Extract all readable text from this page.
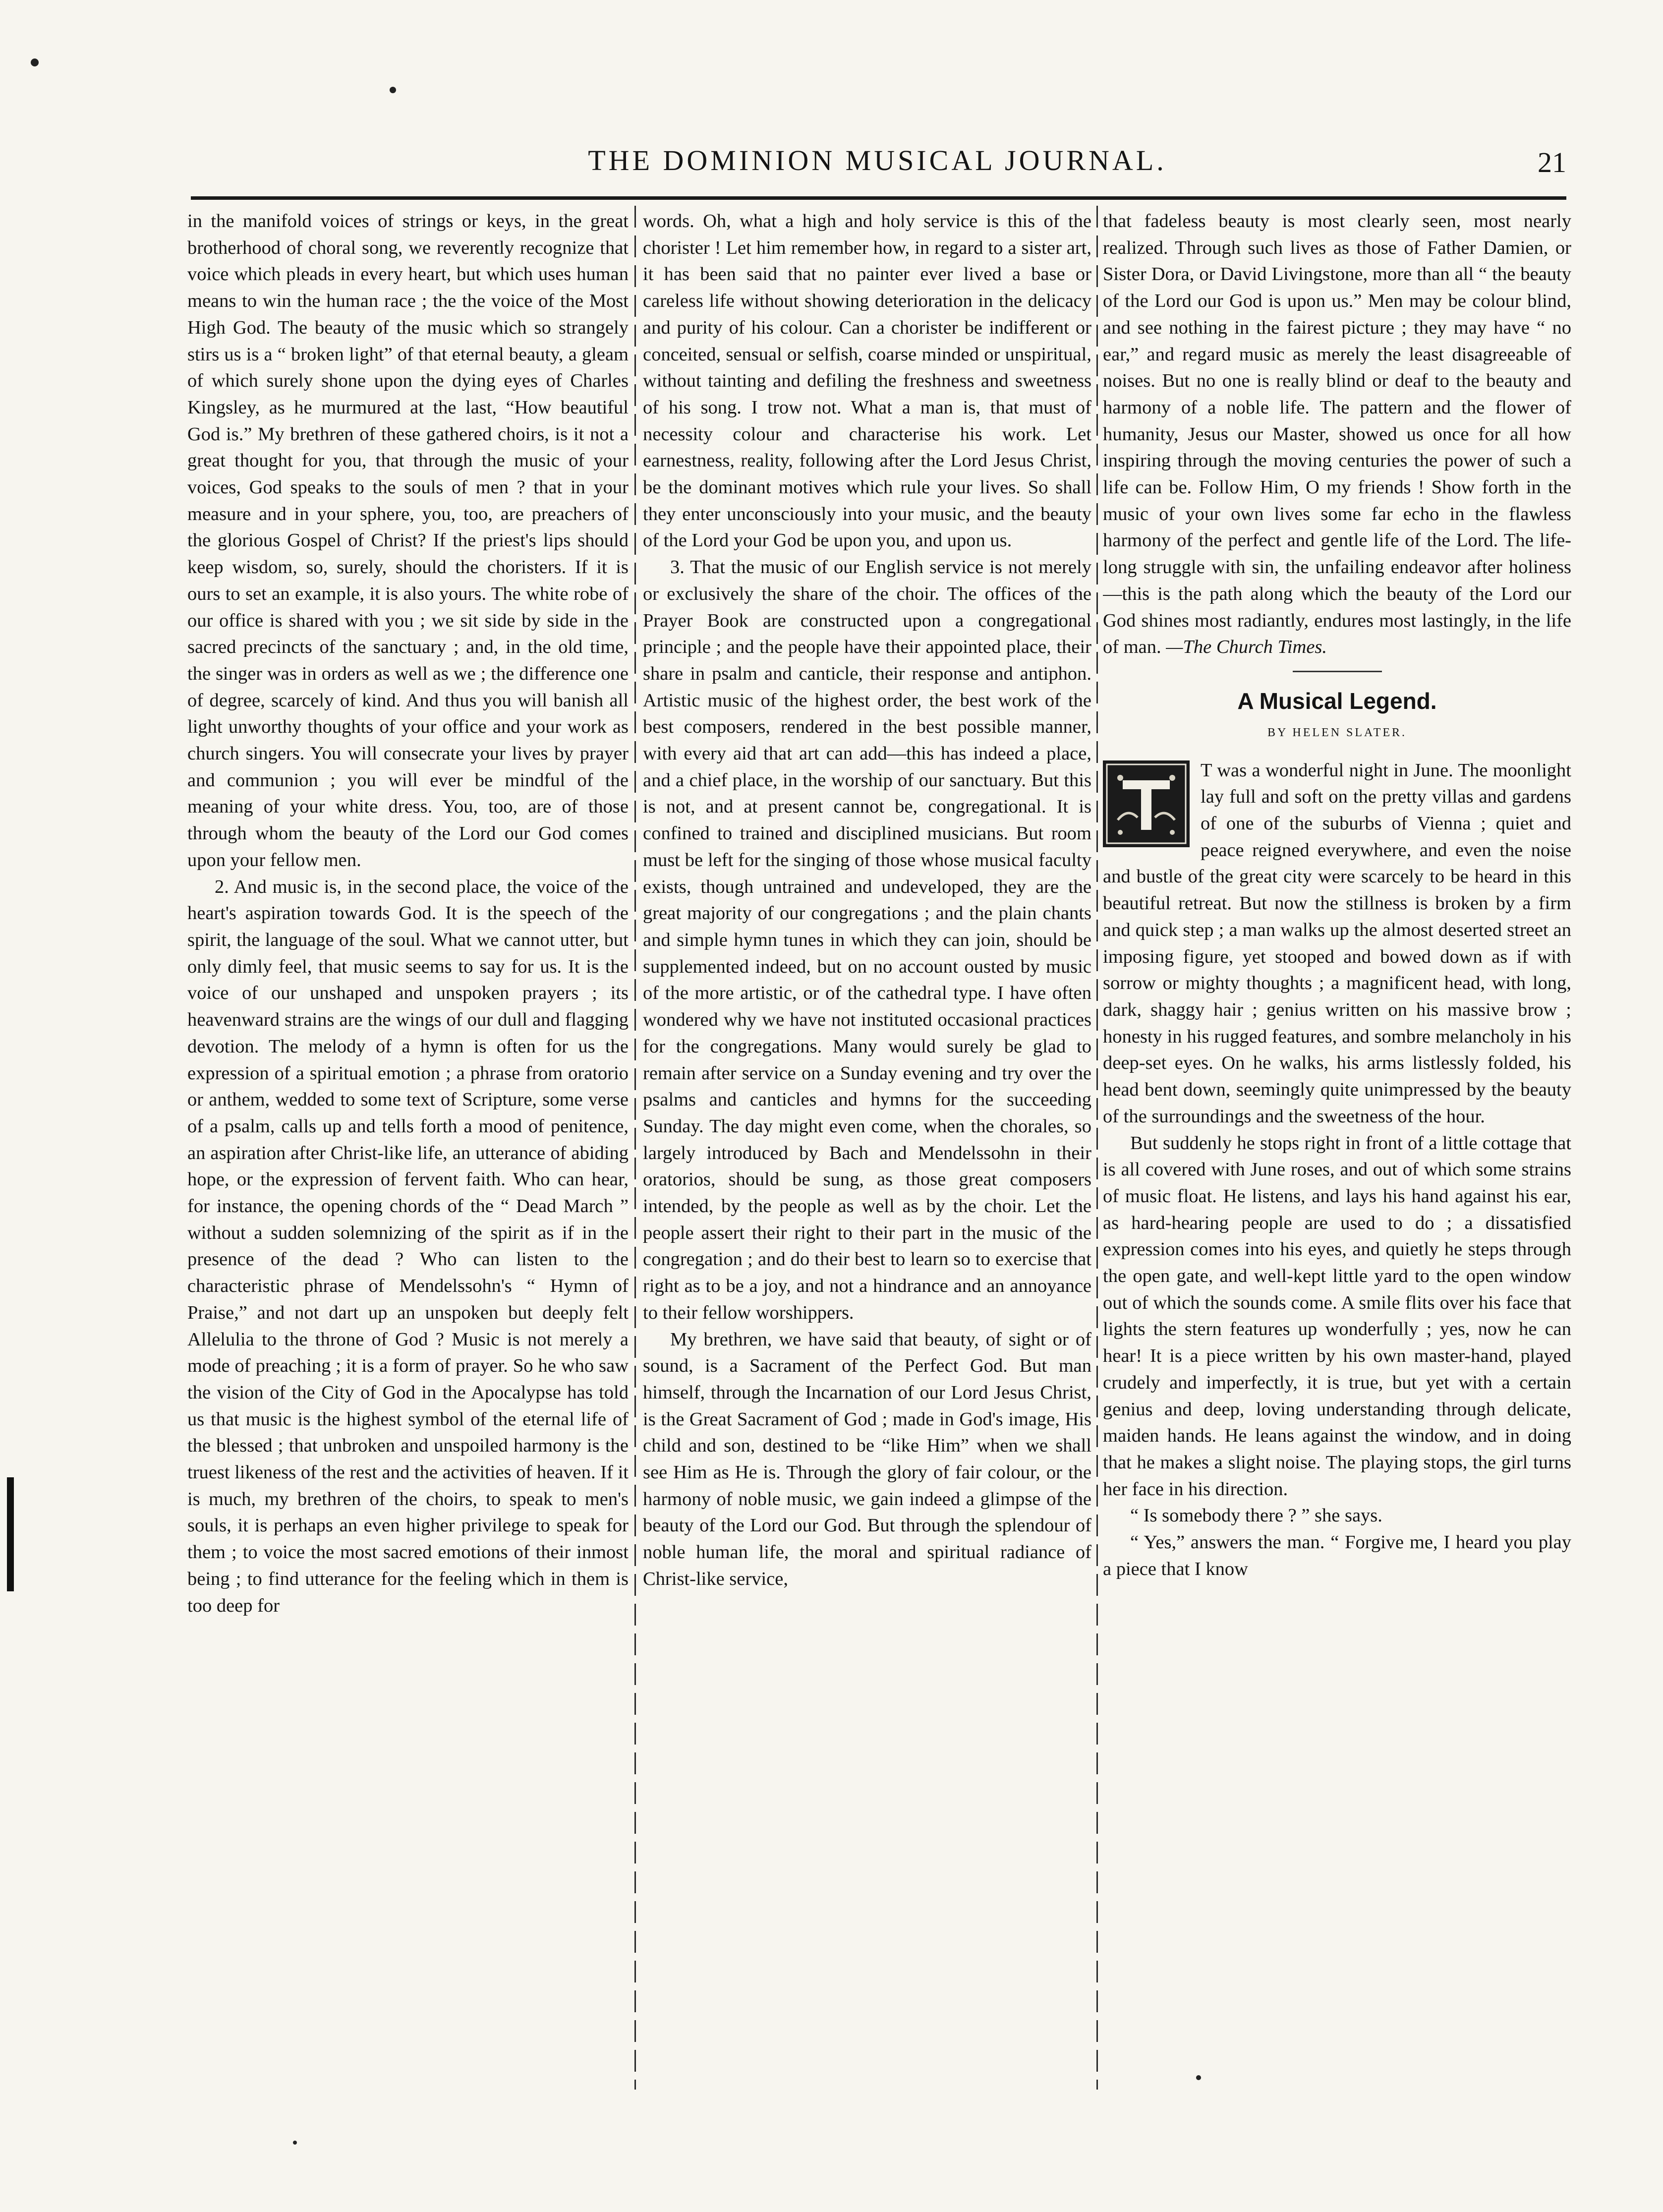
THE DOMINION MUSICAL JOURNAL.	21

in the manifold voices of strings or keys, in the great brotherhood of choral song, we reverently recognize that voice which pleads in every heart, but which uses human means to win the human race ; the the voice of the Most High God. The beauty of the music which so strangely stirs us is a “ broken light” of that eternal beauty, a gleam of which surely shone upon the dying eyes of Charles Kingsley, as he murmured at the last, “How beautiful God is.” My brethren of these gathered choirs, is it not a great thought for you, that through the music of your voices, God speaks to the souls of men ? that in your measure and in your sphere, you, too, are preachers of the glorious Gospel of Christ? If the priest's lips should keep wisdom, so, surely, should the choristers. If it is ours to set an example, it is also yours. The white robe of our office is shared with you ; we sit side by side in the sacred precincts of the sanctuary ; and, in the old time, the singer was in orders as well as we ; the difference one of degree, scarcely of kind. And thus you will banish all light unworthy thoughts of your office and your work as church singers. You will consecrate your lives by prayer and communion ; you will ever be mindful of the meaning of your white dress. You, too, are of those through whom the beauty of the Lord our God comes upon your fellow men.

2. And music is, in the second place, the voice of the heart's aspiration towards God. It is the speech of the spirit, the language of the soul. What we cannot utter, but only dimly feel, that music seems to say for us. It is the voice of our unshaped and unspoken prayers ; its heavenward strains are the wings of our dull and flagging devotion. The melody of a hymn is often for us the expression of a spiritual emotion ; a phrase from oratorio or anthem, wedded to some text of Scripture, some verse of a psalm, calls up and tells forth a mood of penitence, an aspiration after Christ-like life, an utterance of abiding hope, or the expression of fervent faith. Who can hear, for instance, the opening chords of the “ Dead March ” without a sudden solemnizing of the spirit as if in the presence of the dead ? Who can listen to the characteristic phrase of Mendelssohn's “ Hymn of Praise,” and not dart up an unspoken but deeply felt Allelulia to the throne of God ? Music is not merely a mode of preaching ; it is a form of prayer. So he who saw the vision of the City of God in the Apocalypse has told us that music is the highest symbol of the eternal life of the blessed ; that unbroken and unspoiled harmony is the truest likeness of the rest and the activities of heaven. If it is much, my brethren of the choirs, to speak to men's souls, it is perhaps an even higher privilege to speak for them ; to voice the most sacred emotions of their inmost being ; to find utterance for the feeling which in them is too deep for

words. Oh, what a high and holy service is this of the chorister ! Let him remember how, in regard to a sister art, it has been said that no painter ever lived a base or careless life without showing deterioration in the delicacy and purity of his colour. Can a chorister be indifferent or conceited, sensual or selfish, coarse minded or unspiritual, without tainting and defiling the freshness and sweetness of his song. I trow not. What a man is, that must of necessity colour and characterise his work. Let earnestness, reality, following after the Lord Jesus Christ, be the dominant motives which rule your lives. So shall they enter unconsciously into your music, and the beauty of the Lord your God be upon you, and upon us.

3. That the music of our English service is not merely or exclusively the share of the choir. The offices of the Prayer Book are constructed upon a congregational principle ; and the people have their appointed place, their share in psalm and canticle, their response and antiphon. Artistic music of the highest order, the best work of the best composers, rendered in the best possible manner, with every aid that art can add—this has indeed a place, and a chief place, in the worship of our sanctuary. But this is not, and at present cannot be, congregational. It is confined to trained and disciplined musicians. But room must be left for the singing of those whose musical faculty exists, though untrained and undeveloped, they are the great majority of our congregations ; and the plain chants and simple hymn tunes in which they can join, should be supplemented indeed, but on no account ousted by music of the more artistic, or of the cathedral type. I have often wondered why we have not instituted occasional practices for the congregations. Many would surely be glad to remain after service on a Sunday evening and try over the psalms and canticles and hymns for the succeeding Sunday. The day might even come, when the chorales, so largely introduced by Bach and Mendelssohn in their oratorios, should be sung, as those great composers intended, by the people as well as by the choir. Let the people assert their right to their part in the music of the congregation ; and do their best to learn so to exercise that right as to be a joy, and not a hindrance and an annoyance to their fellow worshippers.

My brethren, we have said that beauty, of sight or of sound, is a Sacrament of the Perfect God. But man himself, through the Incarnation of our Lord Jesus Christ, is the Great Sacrament of God ; made in God's image, His child and son, destined to be “like Him” when we shall see Him as He is. Through the glory of fair colour, or the harmony of noble music, we gain indeed a glimpse of the beauty of the Lord our God. But through the splendour of noble human life, the moral and spiritual radiance of Christ-like service,

that fadeless beauty is most clearly seen, most nearly realized. Through such lives as those of Father Damien, or Sister Dora, or David Livingstone, more than all “ the beauty of the Lord our God is upon us.” Men may be colour blind, and see nothing in the fairest picture ; they may have “ no ear,” and regard music as merely the least disagreeable of noises. But no one is really blind or deaf to the beauty and harmony of a noble life. The pattern and the flower of humanity, Jesus our Master, showed us once for all how inspiring through the moving centuries the power of such a life can be. Follow Him, O my friends ! Show forth in the music of your own lives some far echo in the flawless harmony of the perfect and gentle life of the Lord. The life-long struggle with sin, the unfailing endeavor after holiness—this is the path along which the beauty of the Lord our God shines most radiantly, endures most lastingly, in the life of man. —The Church Times.

A Musical Legend.
BY HELEN SLATER.

T was a wonderful night in June. The moonlight lay full and soft on the pretty villas and gardens of one of the suburbs of Vienna ; quiet and peace reigned everywhere, and even the noise and bustle of the great city were scarcely to be heard in this beautiful retreat. But now the stillness is broken by a firm and quick step ; a man walks up the almost deserted street an imposing figure, yet stooped and bowed down as if with sorrow or mighty thoughts ; a magnificent head, with long, dark, shaggy hair ; genius written on his massive brow ; honesty in his rugged features, and sombre melancholy in his deep-set eyes. On he walks, his arms listlessly folded, his head bent down, seemingly quite unimpressed by the beauty of the surroundings and the sweetness of the hour.

But suddenly he stops right in front of a little cottage that is all covered with June roses, and out of which some strains of music float. He listens, and lays his hand against his ear, as hard-hearing people are used to do ; a dissatisfied expression comes into his eyes, and quietly he steps through the open gate, and well-kept little yard to the open window out of which the sounds come. A smile flits over his face that lights the stern features up wonderfully ; yes, now he can hear! It is a piece written by his own master-hand, played crudely and imperfectly, it is true, but yet with a certain genius and deep, loving understanding through delicate, maiden hands. He leans against the window, and in doing that he makes a slight noise. The playing stops, the girl turns her face in his direction.

“ Is somebody there ? ” she says.

“ Yes,” answers the man. “ Forgive me, I heard you play a piece that I know
